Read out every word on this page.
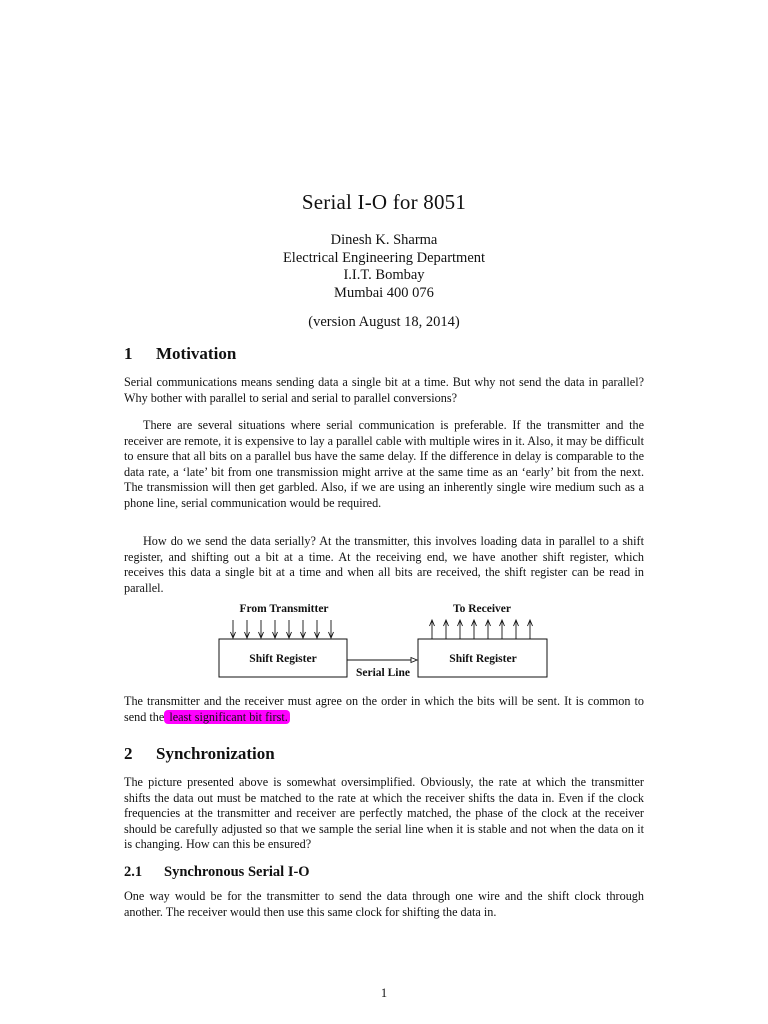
Serial I-O for 8051
Dinesh K. Sharma
Electrical Engineering Department
I.I.T. Bombay
Mumbai 400 076
(version August 18, 2014)
1 Motivation
Serial communications means sending data a single bit at a time. But why not send the data in parallel? Why bother with parallel to serial and serial to parallel conversions?
There are several situations where serial communication is preferable. If the transmitter and the receiver are remote, it is expensive to lay a parallel cable with multiple wires in it. Also, it may be difficult to ensure that all bits on a parallel bus have the same delay. If the difference in delay is comparable to the data rate, a ‘late’ bit from one transmission might arrive at the same time as an ‘early’ bit from the next. The transmission will then get garbled. Also, if we are using an inherently single wire medium such as a phone line, serial communication would be required.
How do we send the data serially? At the transmitter, this involves loading data in parallel to a shift register, and shifting out a bit at a time. At the receiving end, we have another shift register, which receives this data a single bit at a time and when all bits are received, the shift register can be read in parallel.
From Transmitter	To Receiver
Shift Register	Shift Register
Serial Line
The transmitter and the receiver must agree on the order in which the bits will be sent. It is common to send the least significant bit first.
2 Synchronization
The picture presented above is somewhat oversimplified. Obviously, the rate at which the transmitter shifts the data out must be matched to the rate at which the receiver shifts the data in. Even if the clock frequencies at the transmitter and receiver are perfectly matched, the phase of the clock at the receiver should be carefully adjusted so that we sample the serial line when it is stable and not when the data on it is changing. How can this be ensured?
2.1 Synchronous Serial I-O
One way would be for the transmitter to send the data through one wire and the shift clock through another. The receiver would then use this same clock for shifting the data in.
1
